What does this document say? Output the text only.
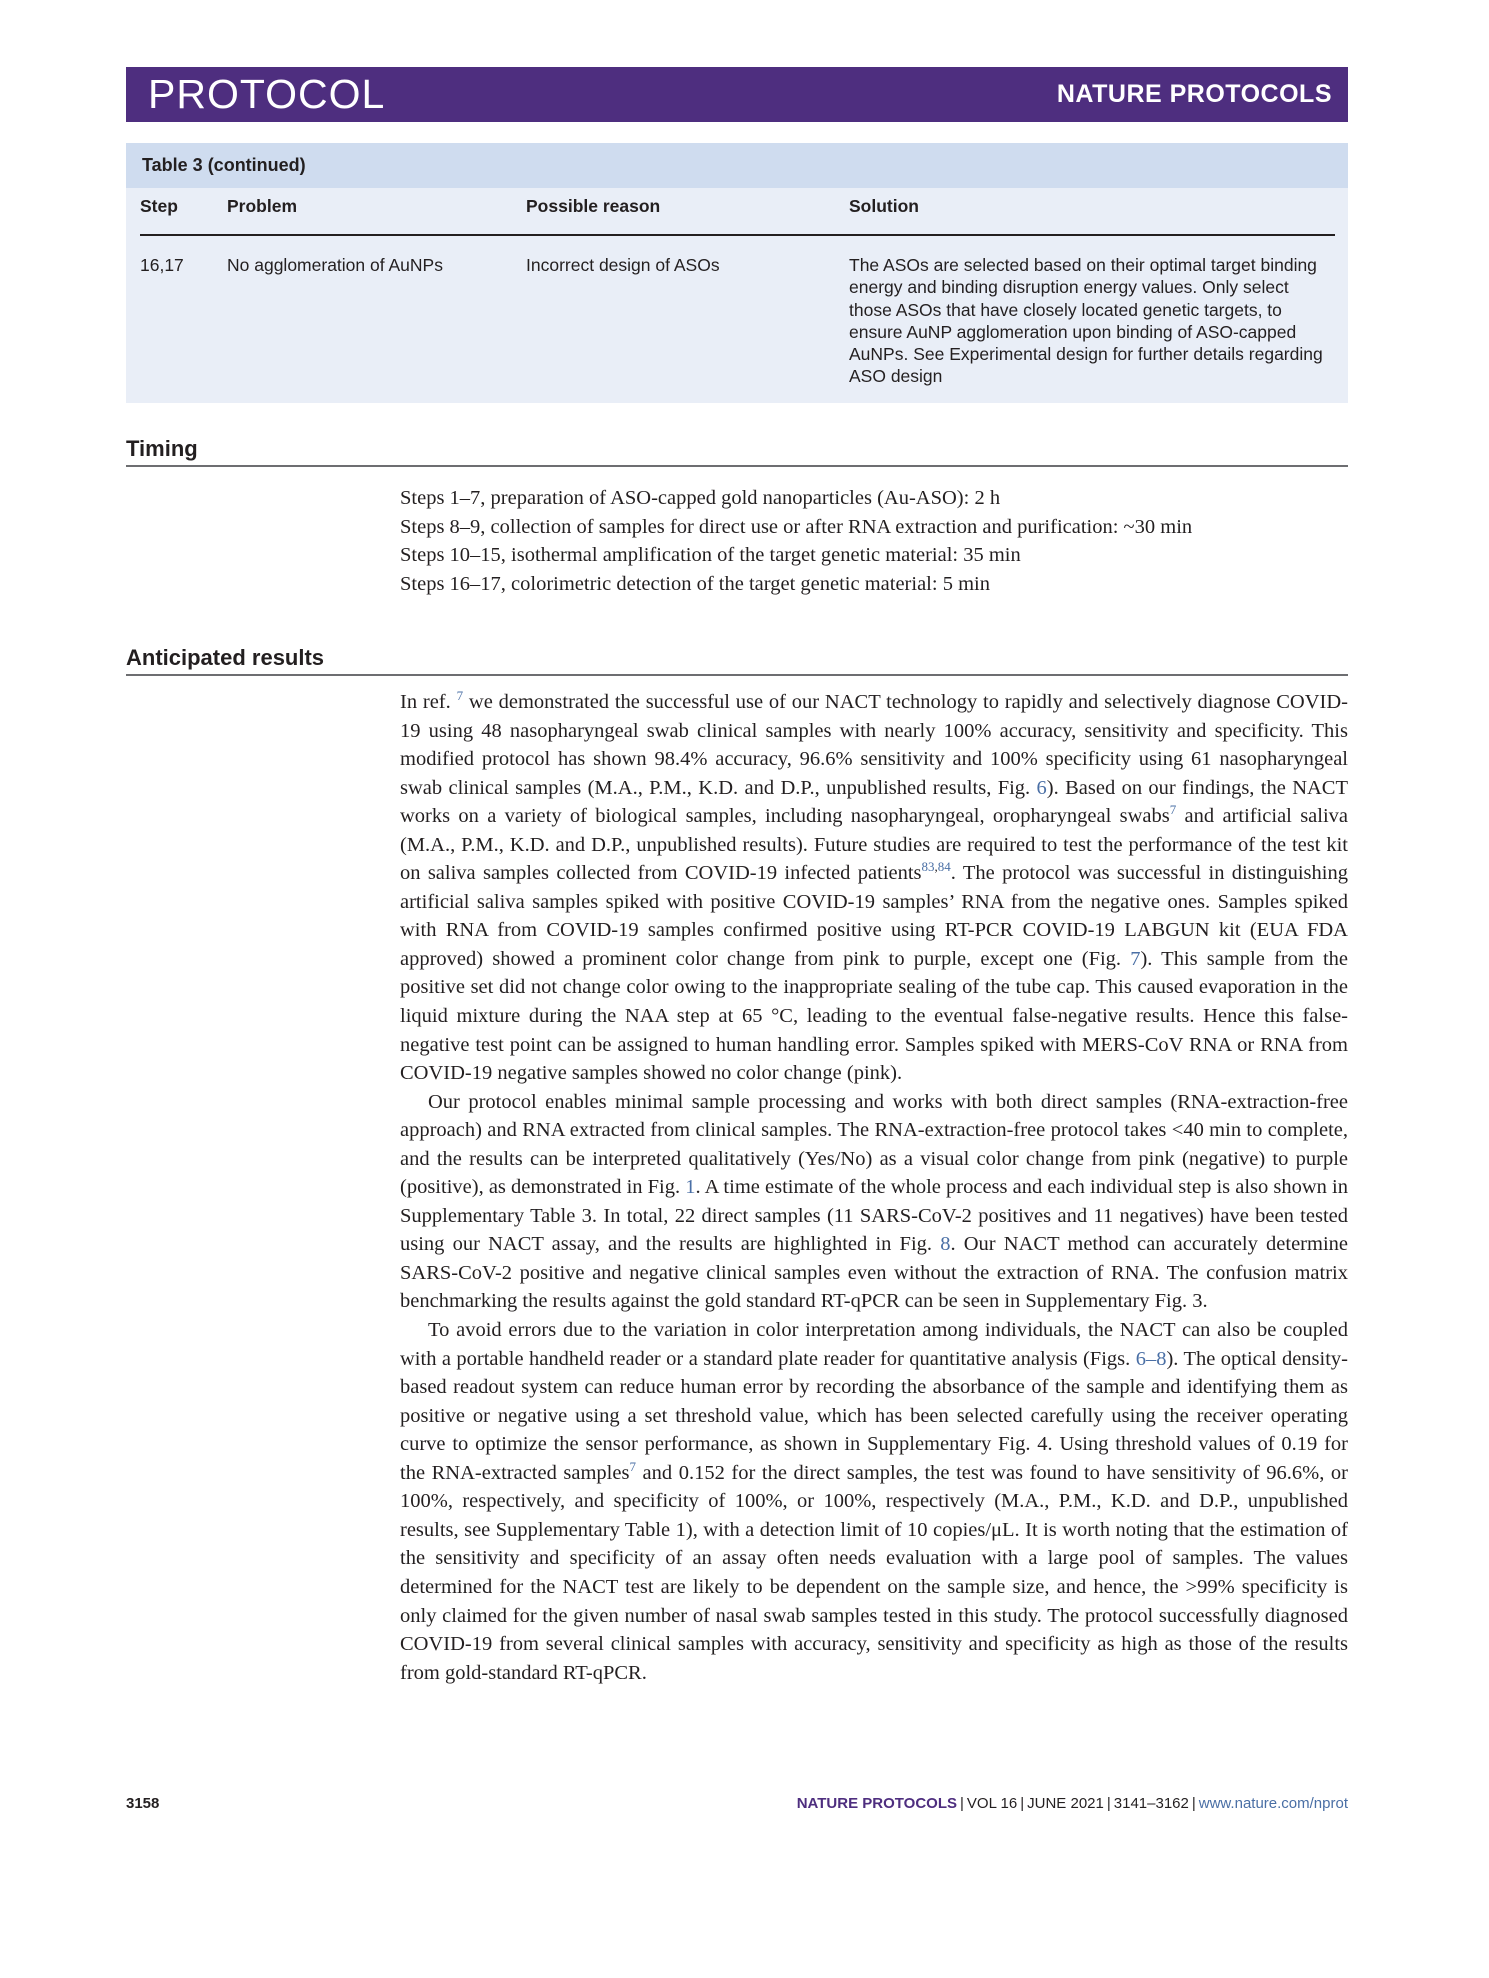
PROTOCOL	NATURE PROTOCOLS
Table 3 (continued)
Step	Problem	Possible reason	Solution
16,17 No agglomeration of AuNPs	Incorrect design of ASOs	The ASOs are selected based on their optimal target binding energy and binding disruption energy values. Only select those ASOs that have closely located genetic targets, to ensure AuNP agglomeration upon binding of ASO-capped AuNPs. See Experimental design for further details regarding ASO design
Timing
Steps 1–7, preparation of ASO-capped gold nanoparticles (Au-ASO): 2 h
Steps 8–9, collection of samples for direct use or after RNA extraction and purification: ~30 min
Steps 10–15, isothermal amplification of the target genetic material: 35 min
Steps 16–17, colorimetric detection of the target genetic material: 5 min
Anticipated results

In ref. $^7$ we demonstrated the successful use of our NACT technology to rapidly and selectively diagnose COVID-19 using 48 nasopharyngeal swab clinical samples with nearly 100% accuracy, sensitivity and specificity. This modified protocol has shown 98.4% accuracy, 96.6% sensitivity and 100% specificity using 61 nasopharyngeal swab clinical samples (M.A., P.M., K.D. and D.P., unpublished results, Fig. 6). Based on our findings, the NACT works on a variety of biological samples, including nasopharyngeal, oropharyngeal swabs$^7$ and artificial saliva (M.A., P.M., K.D. and D.P., unpublished results). Future studies are required to test the performance of the test kit on saliva samples collected from COVID-19 infected patients$^{83,84}$. The protocol was successful in distinguishing artificial saliva samples spiked with positive COVID-19 samples’ RNA from the negative ones. Samples spiked with RNA from COVID-19 samples confirmed positive using RT-PCR COVID-19 LABGUN kit (EUA FDA approved) showed a prominent color change from pink to purple, except one (Fig. 7). This sample from the positive set did not change color owing to the inappropriate sealing of the tube cap. This caused evaporation in the liquid mixture during the NAA step at 65 °C, leading to the eventual false-negative results. Hence this false-negative test point can be assigned to human handling error. Samples spiked with MERS-CoV RNA or RNA from COVID-19 negative samples showed no color change (pink).

Our protocol enables minimal sample processing and works with both direct samples (RNA-extraction-free approach) and RNA extracted from clinical samples. The RNA-extraction-free protocol takes <40 min to complete, and the results can be interpreted qualitatively (Yes/No) as a visual color change from pink (negative) to purple (positive), as demonstrated in Fig. 1. A time estimate of the whole process and each individual step is also shown in Supplementary Table 3. In total, 22 direct samples (11 SARS-CoV-2 positives and 11 negatives) have been tested using our NACT assay, and the results are highlighted in Fig. 8. Our NACT method can accurately determine SARS-CoV-2 positive and negative clinical samples even without the extraction of RNA. The confusion matrix benchmarking the results against the gold standard RT-qPCR can be seen in Supplementary Fig. 3.

To avoid errors due to the variation in color interpretation among individuals, the NACT can also be coupled with a portable handheld reader or a standard plate reader for quantitative analysis (Figs. 6–8). The optical density-based readout system can reduce human error by recording the absorbance of the sample and identifying them as positive or negative using a set threshold value, which has been selected carefully using the receiver operating curve to optimize the sensor performance, as shown in Supplementary Fig. 4. Using threshold values of 0.19 for the RNA-extracted samples$^7$ and 0.152 for the direct samples, the test was found to have sensitivity of 96.6%, or 100%, respectively, and specificity of 100%, or 100%, respectively (M.A., P.M., K.D. and D.P., unpublished results, see Supplementary Table 1), with a detection limit of 10 copies/μL. It is worth noting that the estimation of the sensitivity and specificity of an assay often needs evaluation with a large pool of samples. The values determined for the NACT test are likely to be dependent on the sample size, and hence, the >99% specificity is only claimed for the given number of nasal swab samples tested in this study. The protocol successfully diagnosed COVID-19 from several clinical samples with accuracy, sensitivity and specificity as high as those of the results from gold-standard RT-qPCR.

3158	NATURE PROTOCOLS | VOL 16 | JUNE 2021 | 3141–3162 | www.nature.com/nprot
